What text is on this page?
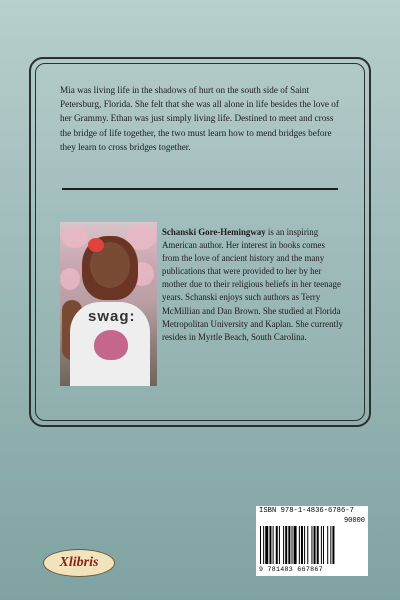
Mia was living life in the shadows of hurt on the south side of Saint Petersburg, Florida. She felt that she was all alone in life besides the love of her Grammy. Ethan was just simply living life. Destined to meet and cross the bridge of life together, the two must learn how to mend bridges before they learn to cross bridges together.
swag:
Schanski Gore-Hemingway is an inspiring American author. Her interest in books comes from the love of ancient history and the many publications that were provided to her by her mother due to their religious beliefs in her teenage years. Schanski enjoys such authors as Terry McMillian and Dan Brown. She studied at Florida Metropolitan University and Kaplan. She currently resides in Myrtle Beach, South Carolina.
ISBN 978-1-4836-6786-7
90000
9 781483 667867
Xlibris
